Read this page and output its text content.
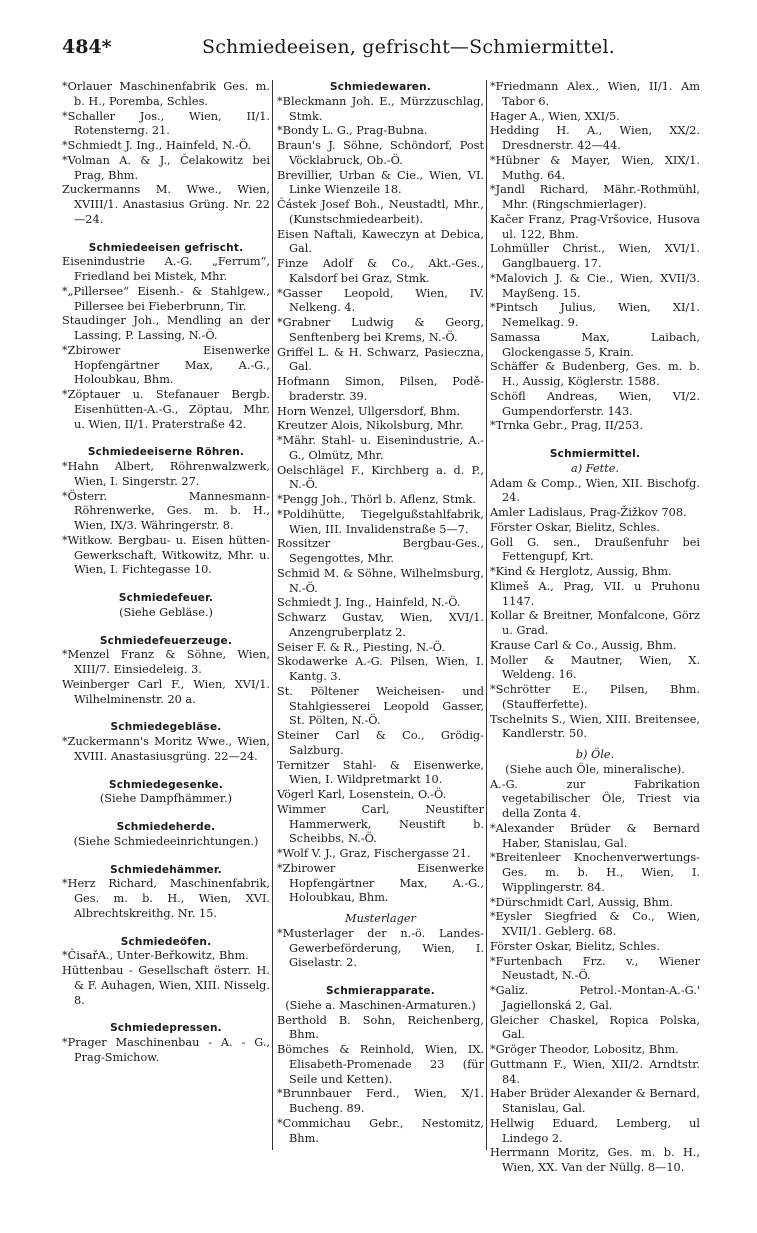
484*	Schmiedeeisen, gefrischt—Schmiermittel.

*Orlauer Maschinenfabrik Ges. m. b. H., Poremba, Schles.

*Schaller Jos., Wien, II/1. Rotensterng. 21.

*Schmiedt J. Ing., Hainfeld, N.-Ö.

*Volman A. & J., Čelakowitz bei Prag, Bhm.

Zuckermanns M. Wwe., Wien, XVIII/1. Anastasius Grüng. Nr. 22—24.

Schmiedeeisen gefrischt.

Eisenindustrie A.-G. „Ferrum“, Friedland bei Mistek, Mhr.

*„Pillersee“ Eisenh.- & Stahlgew., Pillersee bei Fieberbrunn, Tir.

Staudinger Joh., Mendling an der Lassing, P. Lassing, N.-Ö.

*Zbirower Eisenwerke Hopfengärtner Max, A.-G., Holoubkau, Bhm.

*Zöptauer u. Stefanauer Bergb. Eisenhütten-A.-G., Zöptau, Mhr. u. Wien, II/1. Praterstraße 42.

Schmiedeeiserne Röhren.

*Hahn Albert, Röhrenwalzwerk, Wien, I. Singerstr. 27.

*Österr. Mannesmann-Röhrenwerke, Ges. m. b. H., Wien, IX/3. Währingerstr. 8.

*Witkow. Bergbau- u. Eisen hütten-Gewerkschaft, Witkowitz, Mhr. u. Wien, I. Fichtegasse 10.

Schmiedefeuer.

(Siehe Gebläse.)

Schmiedefeuerzeuge.

*Menzel Franz & Söhne, Wien, XIII/7. Einsiedeleig. 3.

Weinberger Carl F., Wien, XVI/1. Wilhelminenstr. 20 a.

Schmiedegebläse.

*Zuckermann's Moritz Wwe., Wien, XVIII. Anastasiusgrüng. 22—24.

Schmiedegesenke.

(Siehe Dampfhämmer.)

Schmiedeherde.

(Siehe Schmiedeeinrichtungen.)

Schmiedehämmer.

*Herz Richard, Maschinenfabrik, Ges. m. b. H., Wien, XVI. Albrechtskreithg. Nr. 15.

Schmiedeöfen.

*ČisařA., Unter-Beřkowitz, Bhm.

Hüttenbau - Gesellschaft österr. H. & F. Auhagen, Wien, XIII. Nisselg. 8.

Schmiedepressen.

*Prager Maschinenbau - A. - G., Prag-Smichow.

Schmiedewaren.

*Bleckmann Joh. E., Mürzzuschlag, Stmk.

*Bondy L. G., Prag-Bubna.

Braun's J. Söhne, Schöndorf, Post Vöcklabruck, Ob.-Ö.

Brevillier, Urban & Cie., Wien, VI. Linke Wienzeile 18.

Částek Josef Boh., Neustadtl, Mhr., (Kunstschmiedearbeit).

Eisen Naftali, Kaweczyn at Debica, Gal.

Finze Adolf & Co., Akt.-Ges., Kalsdorf bei Graz, Stmk.

*Gasser Leopold, Wien, IV. Nelkeng. 4.

*Grabner Ludwig & Georg, Senftenberg bei Krems, N.-Ö.

Griffel L. & H. Schwarz, Pasieczna, Gal.

Hofmann Simon, Pilsen, Podě- braderstr. 39.

Horn Wenzel, Ullgersdorf, Bhm.

Kreutzer Alois, Nikolsburg, Mhr.

*Mähr. Stahl- u. Eisenindustrie, A.-G., Olmütz, Mhr.

Oelschlägel F., Kirchberg a. d. P., N.-Ö.

*Pengg Joh., Thörl b. Aflenz, Stmk.

*Poldihütte, Tiegelgußstahlfabrik, Wien, III. Invalidenstraße 5—7.

Rossitzer Bergbau-Ges., Segengottes, Mhr.

Schmid M. & Söhne, Wilhelmsburg, N.-Ö.

Schmiedt J. Ing., Hainfeld, N.-Ö.

Schwarz Gustav, Wien, XVI/1. Anzengruberplatz 2.

Seiser F. & R., Piesting, N.-Ö.

Skodawerke A.-G. Pilsen, Wien, I. Kantg. 3.

St. Pöltener Weicheisen- und Stahlgiesserei Leopold Gasser, St. Pölten, N.-Ö.

Steiner Carl & Co., Grödig- Salzburg.

Ternitzer Stahl- & Eisenwerke, Wien, I. Wildpretmarkt 10.

Vögerl Karl, Losenstein, O.-Ö.

Wimmer Carl, Neustifter Hammerwerk, Neustift b. Scheibbs, N.-Ö.

*Wolf V. J., Graz, Fischergasse 21.

*Zbirower Eisenwerke Hopfengärtner Max, A.-G., Holoubkau, Bhm.

Musterlager

*Musterlager der n.-ö. Landes- Gewerbeförderung, Wien, I. Giselastr. 2.

Schmierapparate.

(Siehe a. Maschinen-Armaturen.)

Berthold B. Sohn, Reichenberg, Bhm.

Bömches & Reinhold, Wien, IX. Elisabeth-Promenade 23 (für Seile und Ketten).

*Brunnbauer Ferd., Wien, X/1. Bucheng. 89.

*Commichau Gebr., Nestomitz, Bhm.

*Friedmann Alex., Wien, II/1. Am Tabor 6.

Hager A., Wien, XXI/5.

Hedding H. A., Wien, XX/2. Dresdnerstr. 42—44.

*Hübner & Mayer, Wien, XIX/1. Muthg. 64.

*Jandl Richard, Mähr.-Rothmühl, Mhr. (Ringschmierlager).

Kačer Franz, Prag-Vršovice, Husova ul. 122, Bhm.

Lohmüller Christ., Wien, XVI/1. Ganglbauerg. 17.

*Malovich J. & Cie., Wien, XVII/3. Mayßeng. 15.

*Pintsch Julius, Wien, XI/1. Nemelkag. 9.

Samassa Max, Laibach, Glockengasse 5, Krain.

Schäffer & Budenberg, Ges. m. b. H., Aussig, Köglerstr. 1588.

Schöfl Andreas, Wien, VI/2. Gumpendorferstr. 143.

*Trnka Gebr., Prag, II/253.

Schmiermittel.

a) Fette.

Adam & Comp., Wien, XII. Bischofg. 24.

Amler Ladislaus, Prag-Žižkov 708.

Förster Oskar, Bielitz, Schles.

Goll G. sen., Draußenfuhr bei Fettengupf, Krt.

*Kind & Herglotz, Aussig, Bhm.

Klimeš A., Prag, VII. u Pruhonu 1147.

Kollar & Breitner, Monfalcone, Görz u. Grad.

Krause Carl & Co., Aussig, Bhm.

Moller & Mautner, Wien, X. Weldeng. 16.

*Schrötter E., Pilsen, Bhm. (Staufferfette).

Tschelnits S., Wien, XIII. Breitensee, Kandlerstr. 50.

b) Öle.

(Siehe auch Öle, mineralische).

A.-G. zur Fabrikation vegetabilischer Öle, Triest via della Zonta 4.

*Alexander Brüder & Bernard Haber, Stanislau, Gal.

*Breitenleer Knochenverwertungs-Ges. m. b. H., Wien, I. Wipplingerstr. 84.

*Dürschmidt Carl, Aussig, Bhm.

*Eysler Siegfried & Co., Wien, XVII/1. Geblerg. 68.

Förster Oskar, Bielitz, Schles.

*Furtenbach Frz. v., Wiener Neustadt, N.-Ö.

*Galiz. Petrol.-Montan-A.-G.' Jagiellonská 2, Gal.

Gleicher Chaskel, Ropica Polska, Gal.

*Gröger Theodor, Lobositz, Bhm.

Guttmann F., Wien, XII/2. Arndtstr. 84.

Haber Brüder Alexander & Bernard, Stanislau, Gal.

Hellwig Eduard, Lemberg, ul Lindego 2.

Herrmann Moritz, Ges. m. b. H., Wien, XX. Van der Nüllg. 8—10.
